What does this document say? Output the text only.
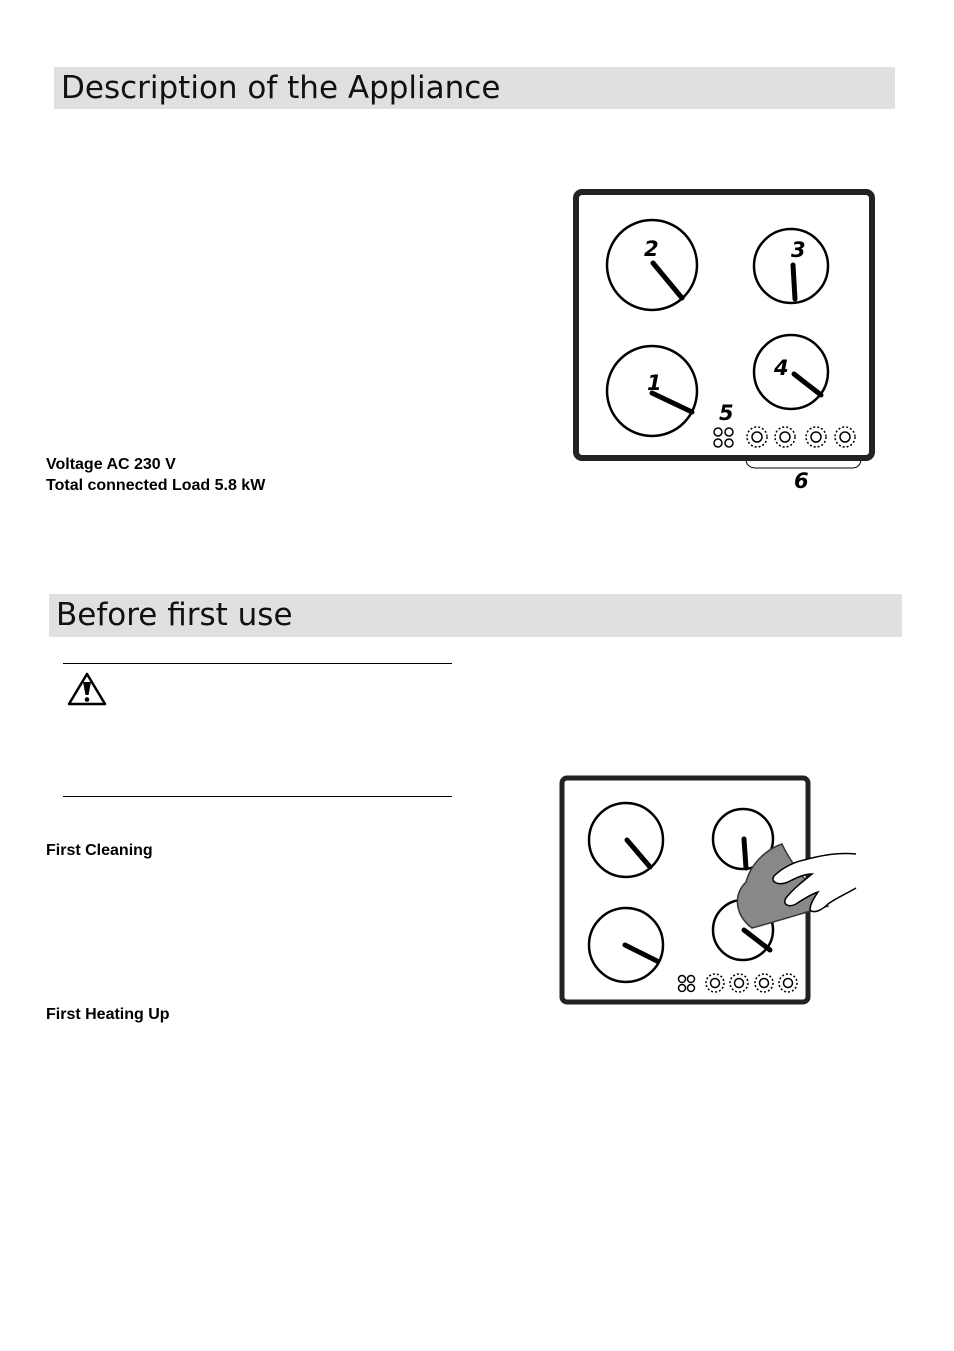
Description of the Appliance
Voltage AC 230 V
Total connected Load 5.8 kW
2	3
1
4
5
6
Before first use
First Cleaning
First Heating Up
